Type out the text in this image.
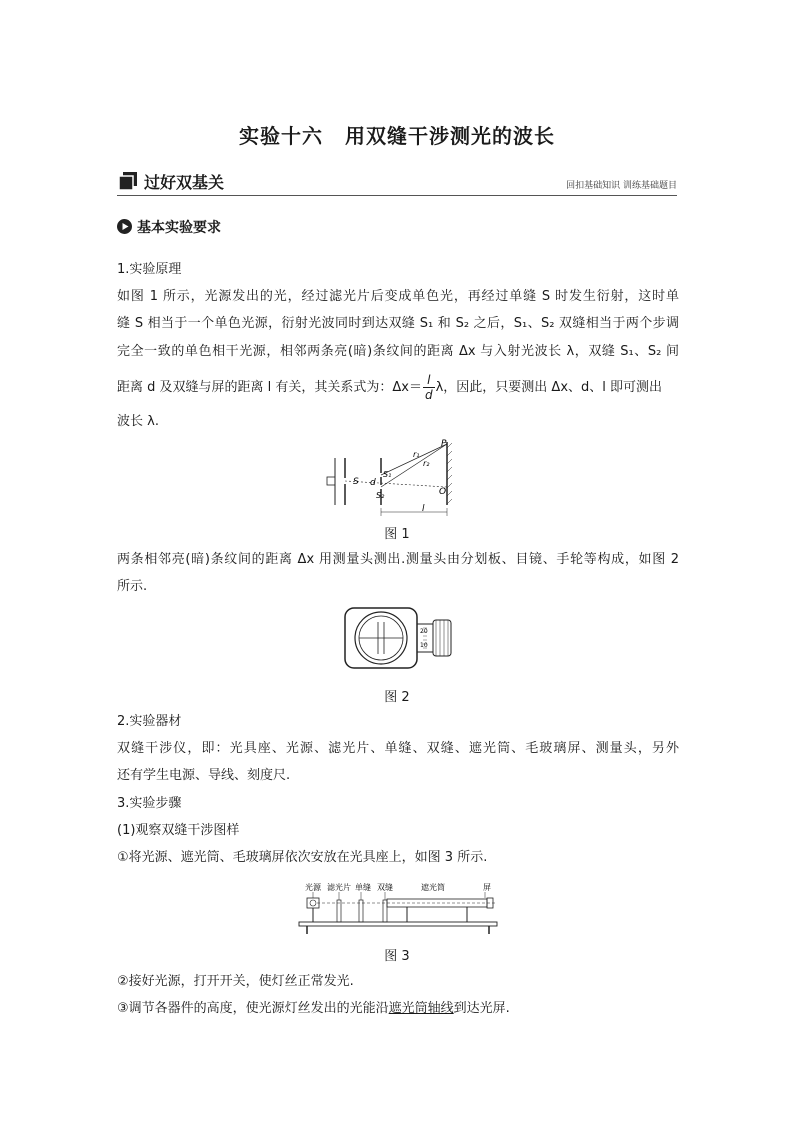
实验十六 用双缝干涉测光的波长
过好双基关	回扣基础知识 训练基础题目
基本实验要求
1.实验原理
如图 1 所示，光源发出的光，经过滤光片后变成单色光，再经过单缝 S 时发生衍射，这时单
缝 S 相当于一个单色光源，衍射光波同时到达双缝 S₁ 和 S₂ 之后，S₁、S₂ 双缝相当于两个步调
完全一致的单色相干光源，相邻两条亮(暗)条纹间的距离 Δx 与入射光波长 λ，双缝 S₁、S₂ 间
距离 d 及双缝与屏的距离 l 有关，其关系式为：$\Delta x= \frac{l}{d}$ λ，因此，只要测出 Δx、d、l 即可测出
波长 λ.
S d
S₁
S₂
P
O
r₁
r₂
l
图 1
两条相邻亮(暗)条纹间的距离 Δx 用测量头测出.测量头由分划板、目镜、手轮等构成，如图 2
所示.
20
10
图 2
2.实验器材
双缝干涉仪，即：光具座、光源、滤光片、单缝、双缝、遮光筒、毛玻璃屏、测量头，另外
还有学生电源、导线、刻度尺.
3.实验步骤
(1)观察双缝干涉图样
①将光源、遮光筒、毛玻璃屏依次安放在光具座上，如图 3 所示.
光源 滤光片 单缝 双缝	遮光筒	屏
图 3
②接好光源，打开开关，使灯丝正常发光.
③调节各器件的高度，使光源灯丝发出的光能沿遮光筒轴线到达光屏.
